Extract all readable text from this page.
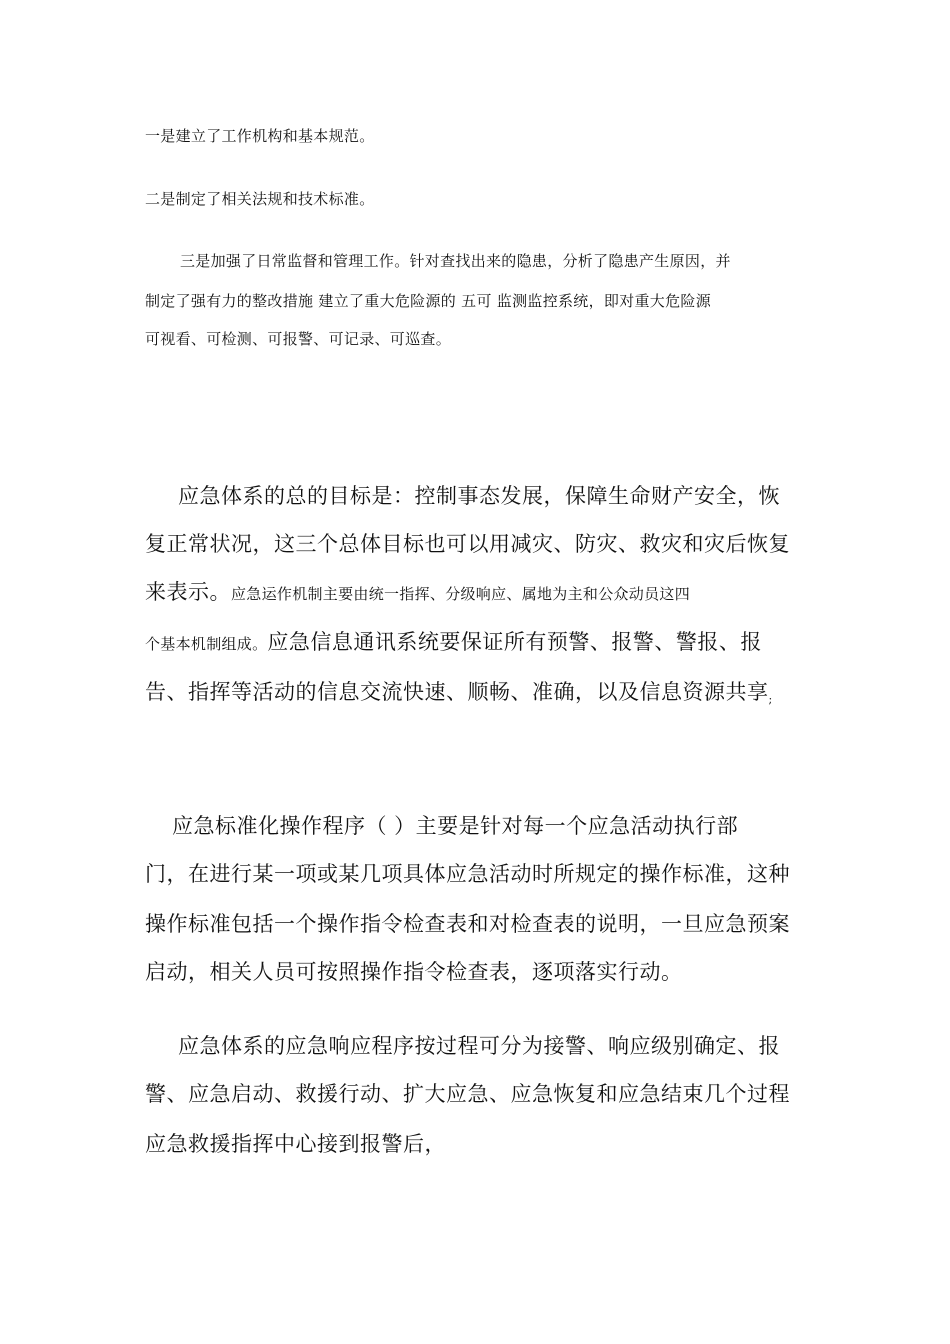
一是建立了工作机构和基本规范。

二是制定了相关法规和技术标准。

三是加强了日常监督和管理工作。针对查找出来的隐患，分析了隐患产生原因，并

制定了强有力的整改措施 建立了重大危险源的 五可 监测监控系统，即对重大危险源

可视看、可检测、可报警、可记录、可巡查。

应急体系的总的目标是：控制事态发展，保障生命财产安全，恢

复正常状况，这三个总体目标也可以用减灾、防灾、救灾和灾后恢复

来表示。应急运作机制主要由统一指挥、分级响应、属地为主和公众动员这四

个基本机制组成。应急信息通讯系统要保证所有预警、报警、警报、报

告、指挥等活动的信息交流快速、顺畅、准确，以及信息资源共享;

应急标准化操作程序（ ）主要是针对每一个应急活动执行部

门，在进行某一项或某几项具体应急活动时所规定的操作标准，这种

操作标准包括一个操作指令检查表和对检查表的说明，一旦应急预案

启动，相关人员可按照操作指令检查表，逐项落实行动。

应急体系的应急响应程序按过程可分为接警、响应级别确定、报

警、应急启动、救援行动、扩大应急、应急恢复和应急结束几个过程

应急救援指挥中心接到报警后，
